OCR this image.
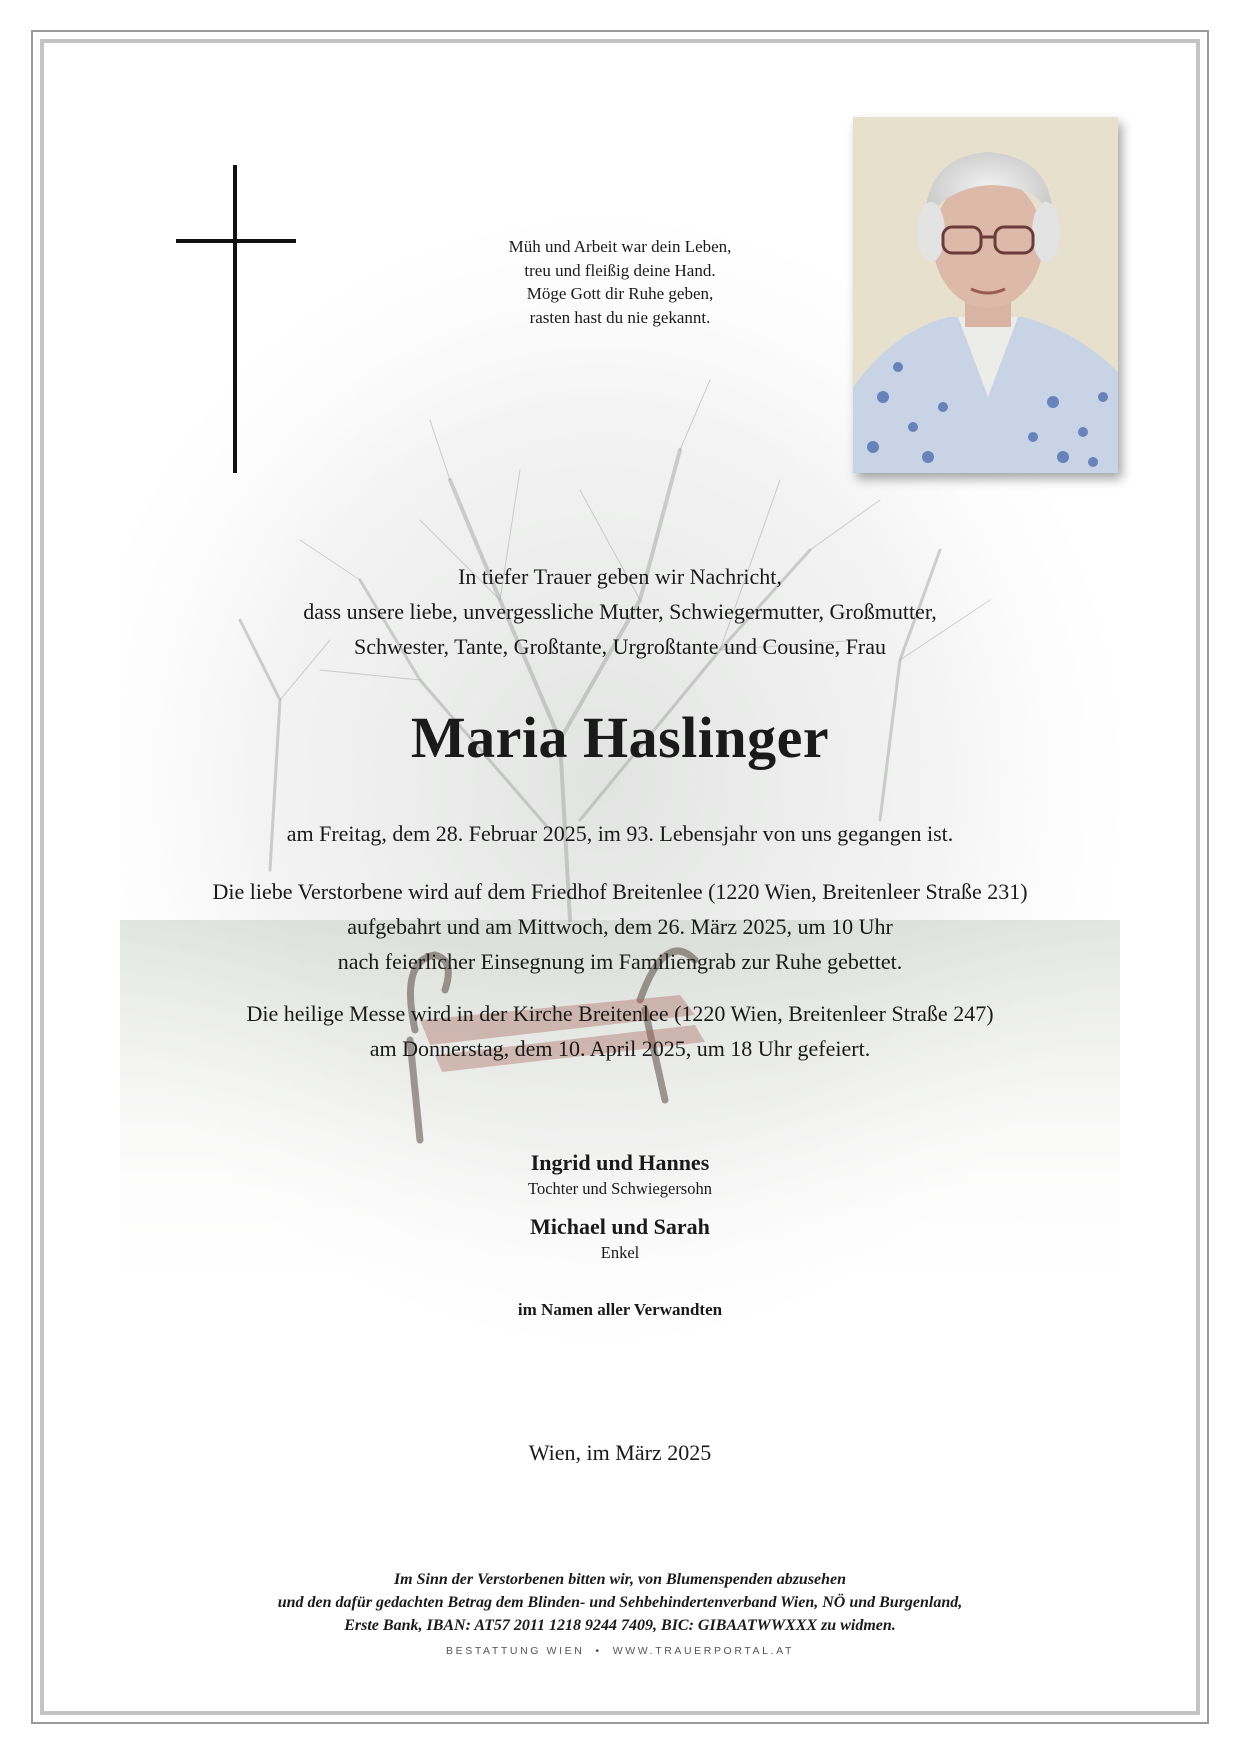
Müh und Arbeit war dein Leben,
treu und fleißig deine Hand.
Möge Gott dir Ruhe geben,
rasten hast du nie gekannt.
In tiefer Trauer geben wir Nachricht,
dass unsere liebe, unvergessliche Mutter, Schwiegermutter, Großmutter,
Schwester, Tante, Großtante, Urgroßtante und Cousine, Frau
Maria Haslinger
am Freitag, dem 28. Februar 2025, im 93. Lebensjahr von uns gegangen ist.
Die liebe Verstorbene wird auf dem Friedhof Breitenlee (1220 Wien, Breitenleer Straße 231)
aufgebahrt und am Mittwoch, dem 26. März 2025, um 10 Uhr
nach feierlicher Einsegnung im Familiengrab zur Ruhe gebettet.
Die heilige Messe wird in der Kirche Breitenlee (1220 Wien, Breitenleer Straße 247)
am Donnerstag, dem 10. April 2025, um 18 Uhr gefeiert.
Ingrid und Hannes
Tochter und Schwiegersohn
Michael und Sarah
Enkel
im Namen aller Verwandten
Wien, im März 2025
Im Sinn der Verstorbenen bitten wir, von Blumenspenden abzusehen
und den dafür gedachten Betrag dem Blinden- und Sehbehindertenverband Wien, NÖ und Burgenland,
Erste Bank, IBAN: AT57 2011 1218 9244 7409, BIC: GIBAATWWXXX zu widmen.
BESTATTUNG WIEN  •  WWW.TRAUERPORTAL.AT
